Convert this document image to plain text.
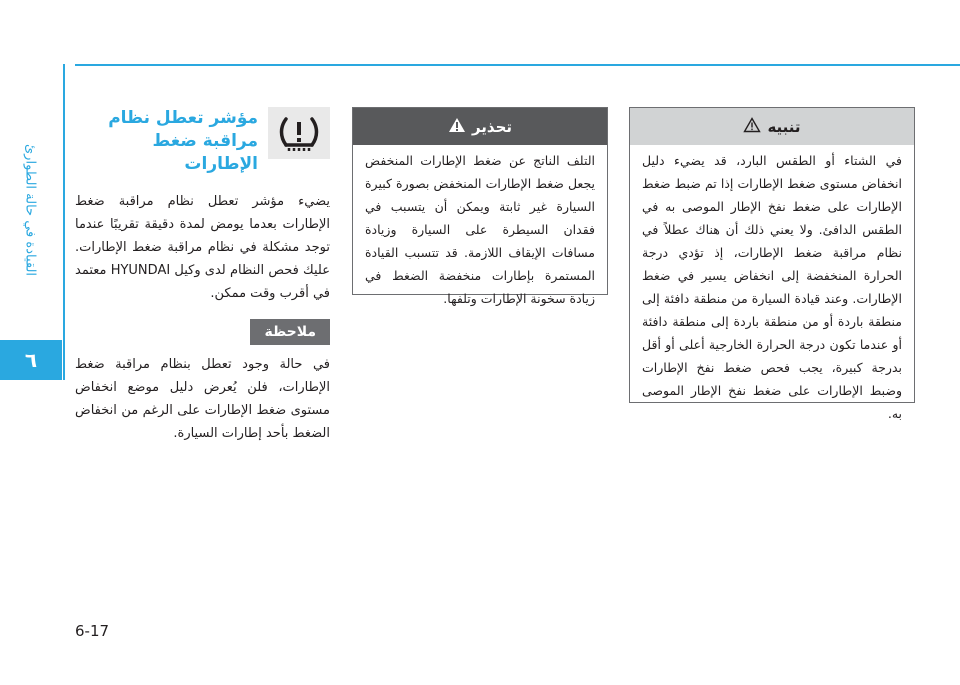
القيادة في حالة الطوارئ
٦
6-17
مؤشر تعطل نظام مراقبة ضغط الإطارات
يضيء مؤشر تعطل نظام مراقبة ضغط الإطارات بعدما يومض لمدة دقيقة تقريبًا عندما توجد مشكلة في نظام مراقبة ضغط الإطارات. عليك فحص النظام لدى وكيل HYUNDAI معتمد في أقرب وقت ممكن.
ملاحظة
في حالة وجود تعطل بنظام مراقبة ضغط الإطارات، فلن يُعرض دليل موضع انخفاض مستوى ضغط الإطارات على الرغم من انخفاض الضغط بأحد إطارات السيارة.
تحذير
التلف الناتج عن ضغط الإطارات المنخفض يجعل ضغط الإطارات المنخفض بصورة كبيرة السيارة غير ثابتة ويمكن أن يتسبب في فقدان السيطرة على السيارة وزيادة مسافات الإيقاف اللازمة. قد تتسبب القيادة المستمرة بإطارات منخفضة الضغط في زيادة سخونة الإطارات وتلفها.
تنبيه
في الشتاء أو الطقس البارد، قد يضيء دليل انخفاض مستوى ضغط الإطارات إذا تم ضبط ضغط الإطارات على ضغط نفخ الإطار الموصى به في الطقس الدافئ. ولا يعني ذلك أن هناك عطلاً في نظام مراقبة ضغط الإطارات، إذ تؤدي درجة الحرارة المنخفضة إلى انخفاض يسير في ضغط الإطارات. وعند قيادة السيارة من منطقة دافئة إلى منطقة باردة أو من منطقة باردة إلى منطقة دافئة أو عندما تكون درجة الحرارة الخارجية أعلى أو أقل بدرجة كبيرة، يجب فحص ضغط نفخ الإطارات وضبط الإطارات على ضغط نفخ الإطار الموصى به.
